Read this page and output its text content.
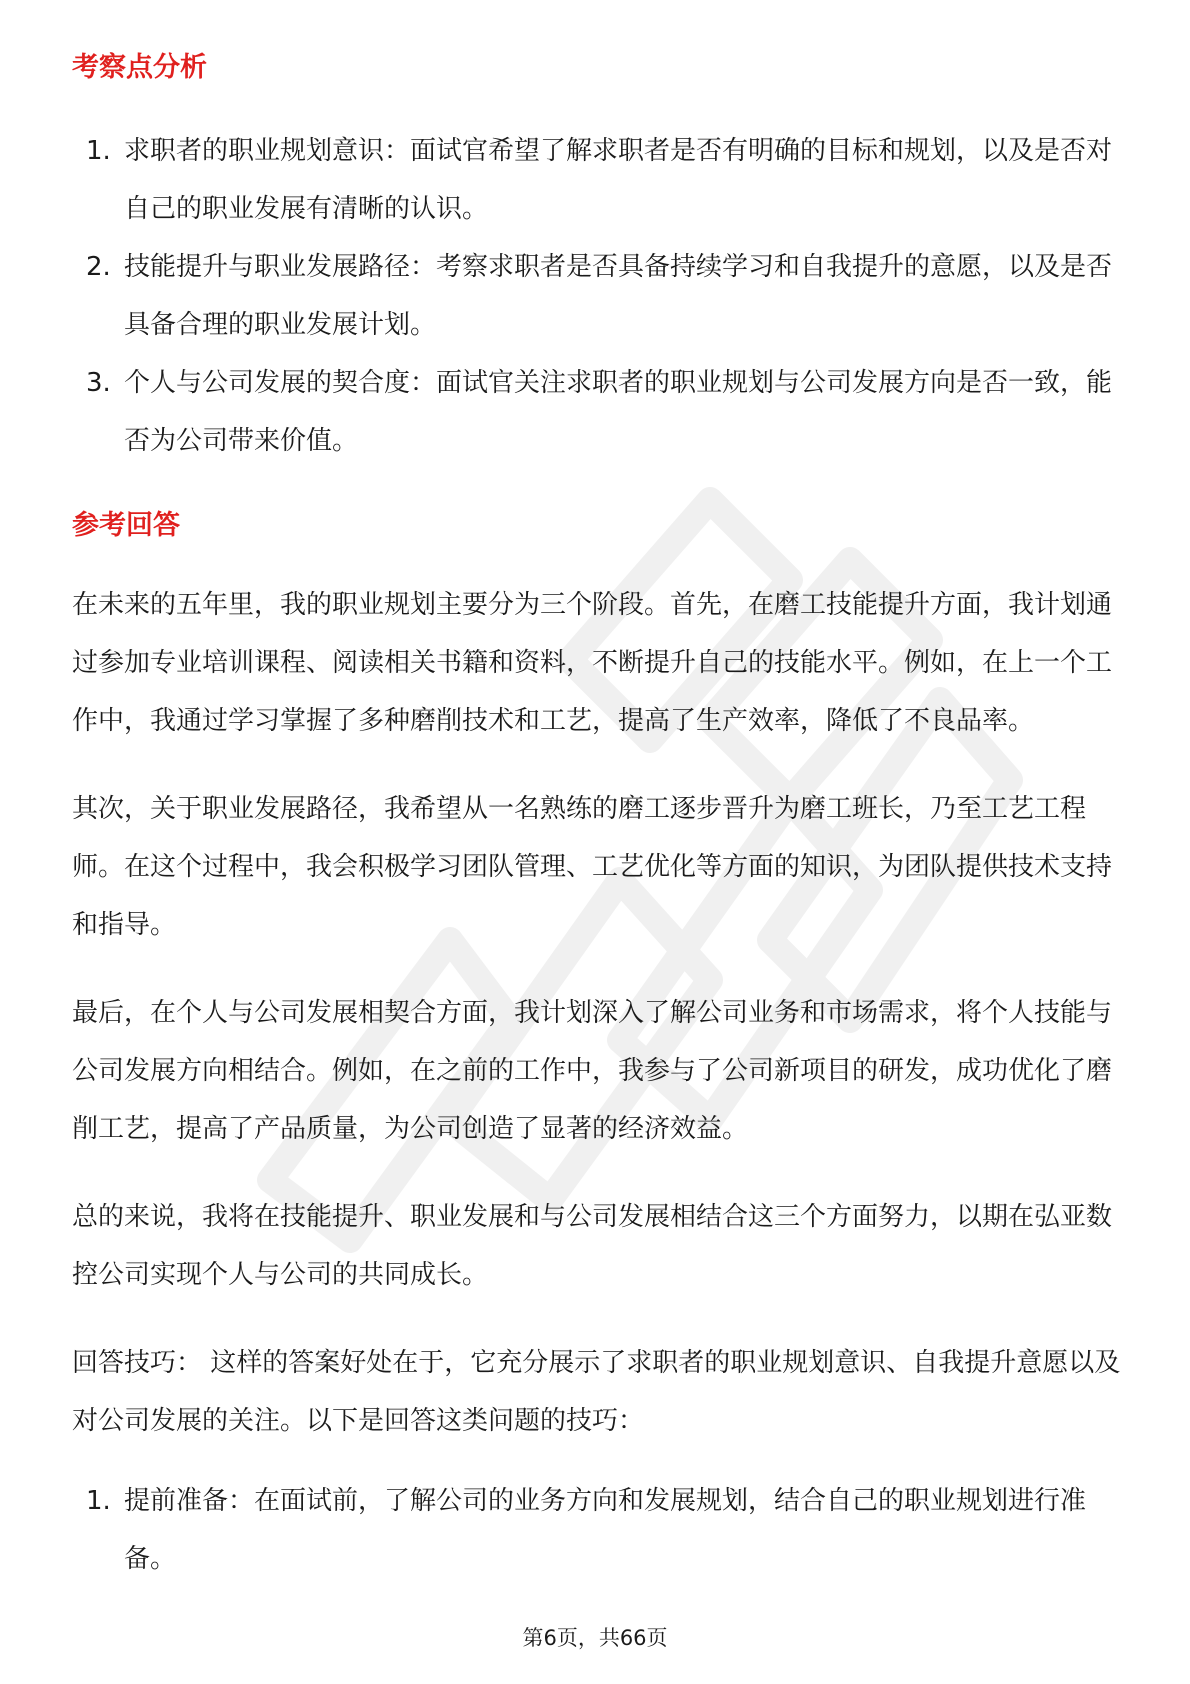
考察点分析
1. 求职者的职业规划意识：面试官希望了解求职者是否有明确的目标和规划，以及是否对自己的职业发展有清晰的认识。
2. 技能提升与职业发展路径：考察求职者是否具备持续学习和自我提升的意愿，以及是否具备合理的职业发展计划。
3. 个人与公司发展的契合度：面试官关注求职者的职业规划与公司发展方向是否一致，能否为公司带来价值。
参考回答

在未来的五年里，我的职业规划主要分为三个阶段。首先，在磨工技能提升方面，我计划通过参加专业培训课程、阅读相关书籍和资料，不断提升自己的技能水平。例如，在上一个工作中，我通过学习掌握了多种磨削技术和工艺，提高了生产效率，降低了不良品率。

其次，关于职业发展路径，我希望从一名熟练的磨工逐步晋升为磨工班长，乃至工艺工程师。在这个过程中，我会积极学习团队管理、工艺优化等方面的知识，为团队提供技术支持和指导。

最后，在个人与公司发展相契合方面，我计划深入了解公司业务和市场需求，将个人技能与公司发展方向相结合。例如，在之前的工作中，我参与了公司新项目的研发，成功优化了磨削工艺，提高了产品质量，为公司创造了显著的经济效益。

总的来说，我将在技能提升、职业发展和与公司发展相结合这三个方面努力，以期在弘亚数控公司实现个人与公司的共同成长。

回答技巧： 这样的答案好处在于，它充分展示了求职者的职业规划意识、自我提升意愿以及对公司发展的关注。以下是回答这类问题的技巧：

1. 提前准备：在面试前，了解公司的业务方向和发展规划，结合自己的职业规划进行准备。
第6页，共66页
